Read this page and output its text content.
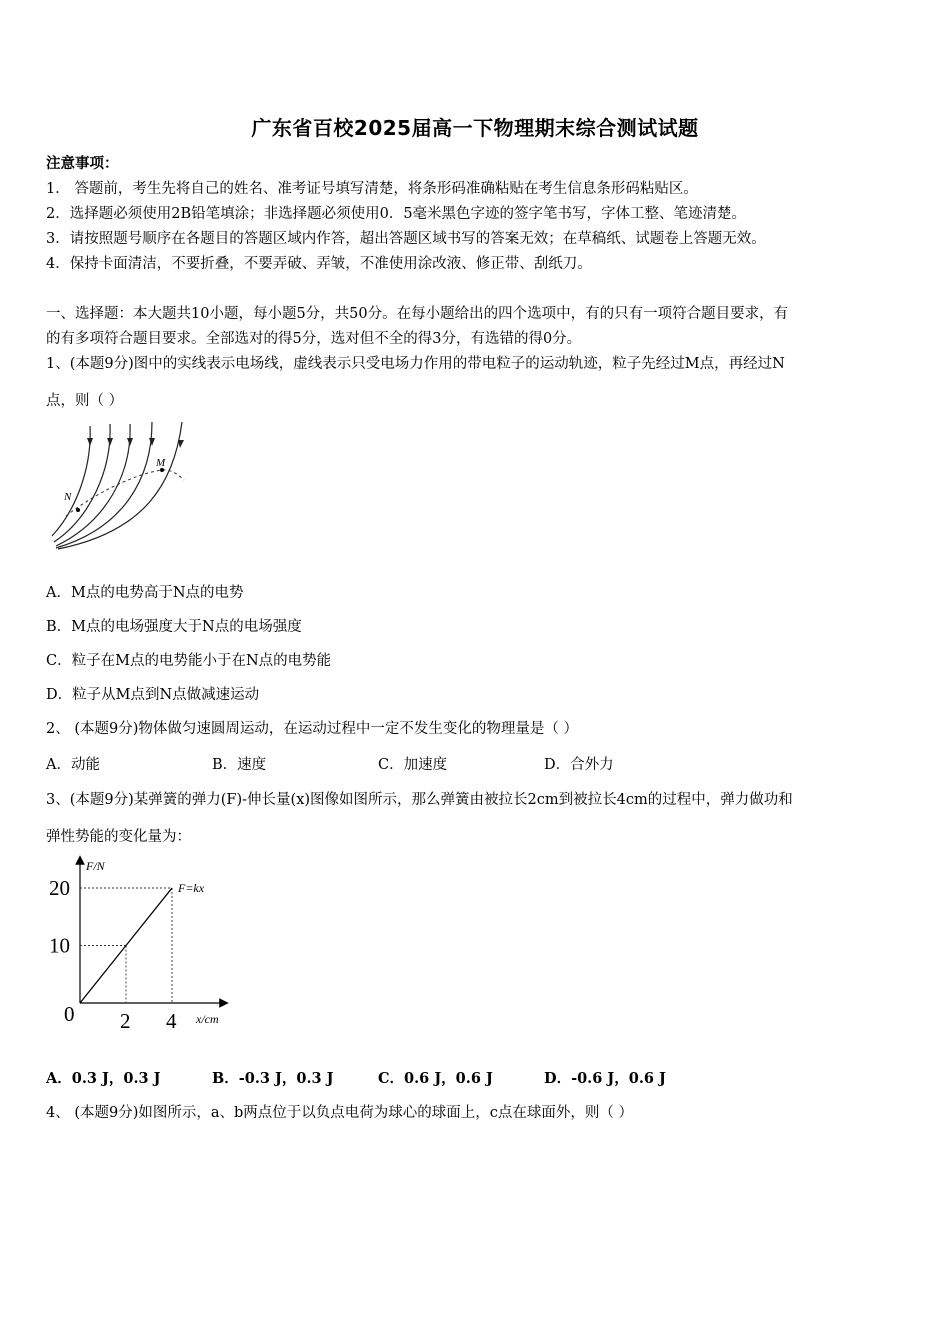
广东省百校2025届高一下物理期末综合测试试题
注意事项：
1． 答题前，考生先将自己的姓名、准考证号填写清楚，将条形码准确粘贴在考生信息条形码粘贴区。
2．选择题必须使用2B铅笔填涂；非选择题必须使用0．5毫米黑色字迹的签字笔书写，字体工整、笔迹清楚。
3．请按照题号顺序在各题目的答题区域内作答，超出答题区域书写的答案无效；在草稿纸、试题卷上答题无效。
4．保持卡面清洁，不要折叠，不要弄破、弄皱，不准使用涂改液、修正带、刮纸刀。
一、选择题：本大题共10小题，每小题5分，共50分。在每小题给出的四个选项中，有的只有一项符合题目要求，有
的有多项符合题目要求。全部选对的得5分，选对但不全的得3分，有选错的得0分。
1、(本题9分)图中的实线表示电场线，虚线表示只受电场力作用的带电粒子的运动轨迹，粒子先经过M点，再经过N
点，则（ ）
N
M
A．M点的电势高于N点的电势
B．M点的电场强度大于N点的电场强度
C．粒子在M点的电势能小于在N点的电势能
D．粒子从M点到N点做减速运动
2、 (本题9分)物体做匀速圆周运动，在运动过程中一定不发生变化的物理量是（ ）
A．动能	B．速度	C．加速度	D．合外力
3、(本题9分)某弹簧的弹力(F)-伸长量(x)图像如图所示，那么弹簧由被拉长2cm到被拉长4cm的过程中，弹力做功和
弹性势能的变化量为：
F/N
x/cm
0
F=kx
10
20
2 4
A．0.3 J，0.3 J	B．-0.3 J，0.3 J	C．0.6 J，0.6 J	D．-0.6 J，0.6 J
4、 (本题9分)如图所示，a、b两点位于以负点电荷为球心的球面上，c点在球面外，则（ ）
